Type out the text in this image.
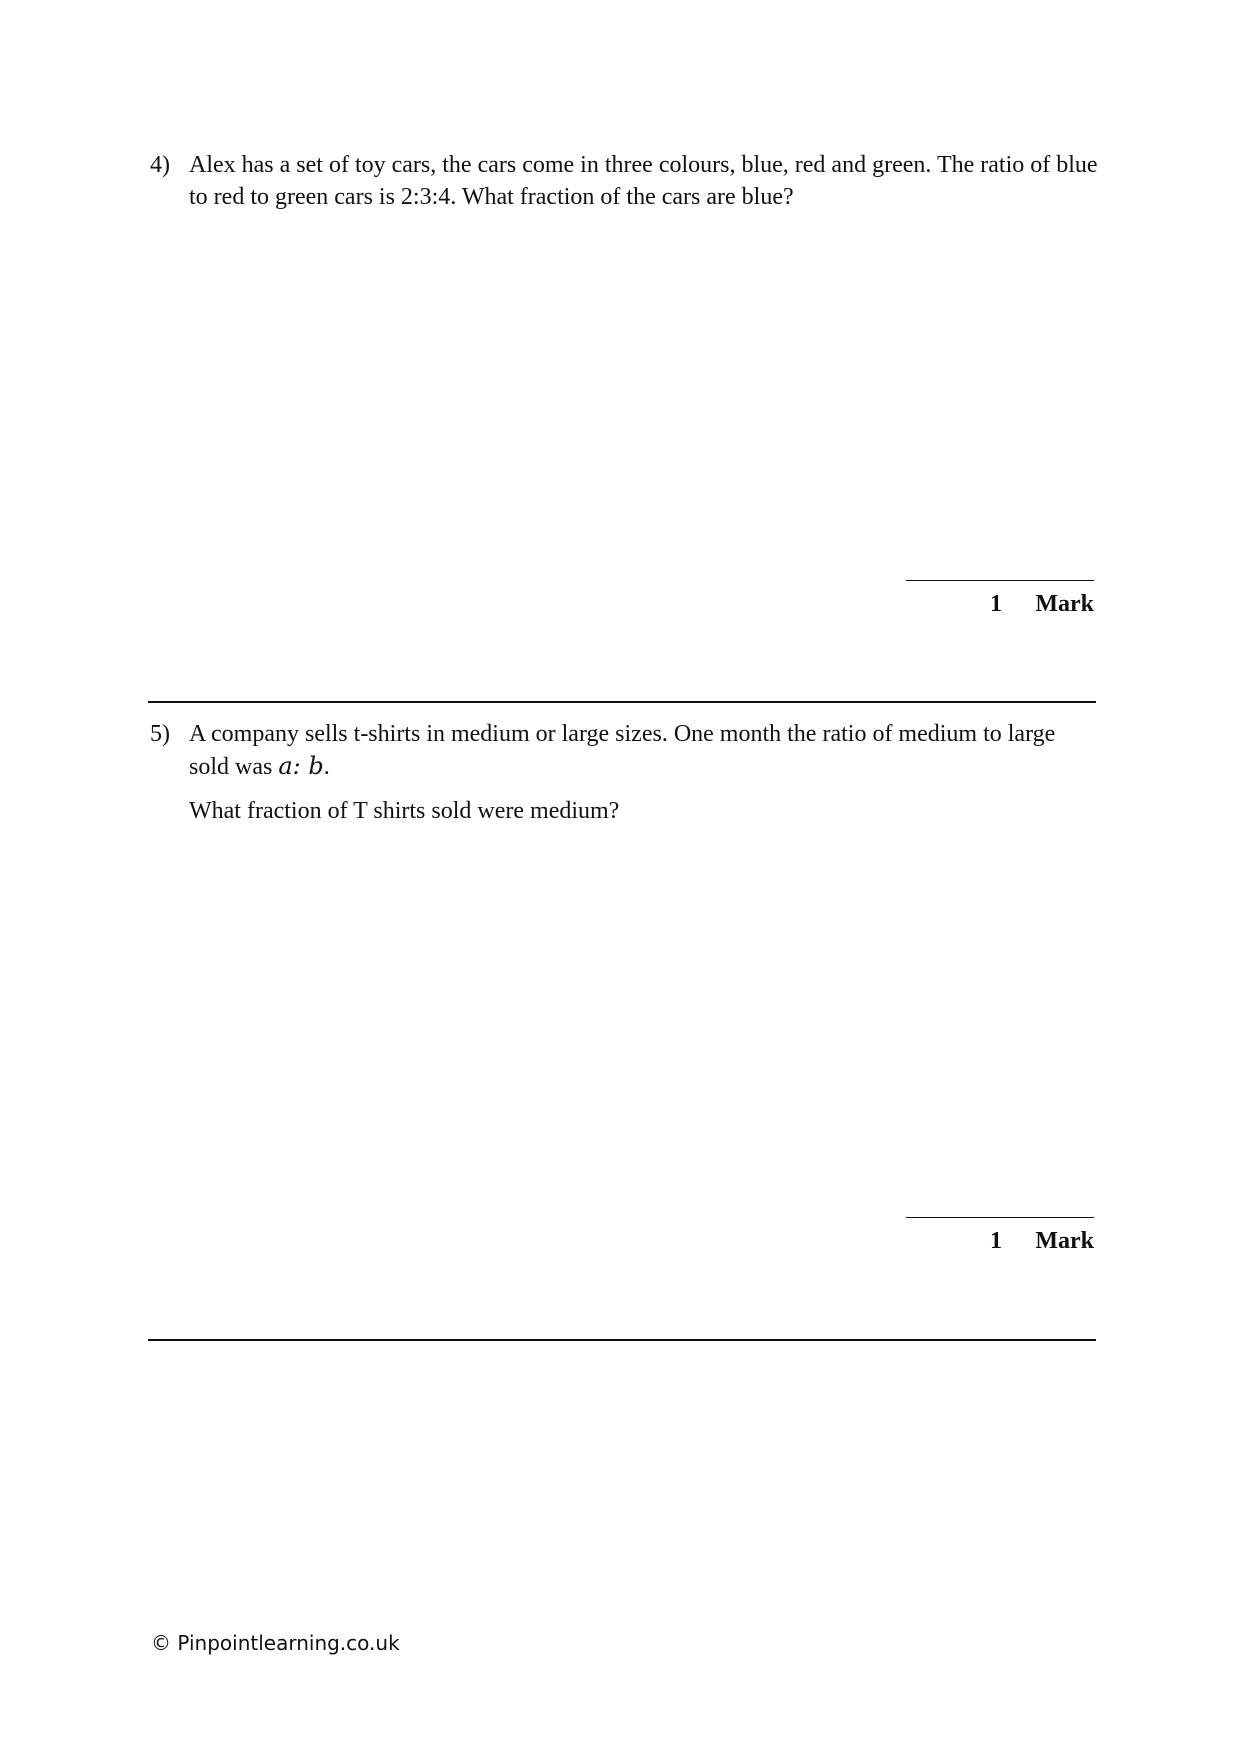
4) Alex has a set of toy cars, the cars come in three colours, blue, red and green. The ratio of blue to red to green cars is 2:3:4. What fraction of the cars are blue?

1 Mark
5) A company sells t-shirts in medium or large sizes. One month the ratio of medium to large sold was a: b.

What fraction of T shirts sold were medium?

1 Mark
© Pinpointlearning.co.uk
